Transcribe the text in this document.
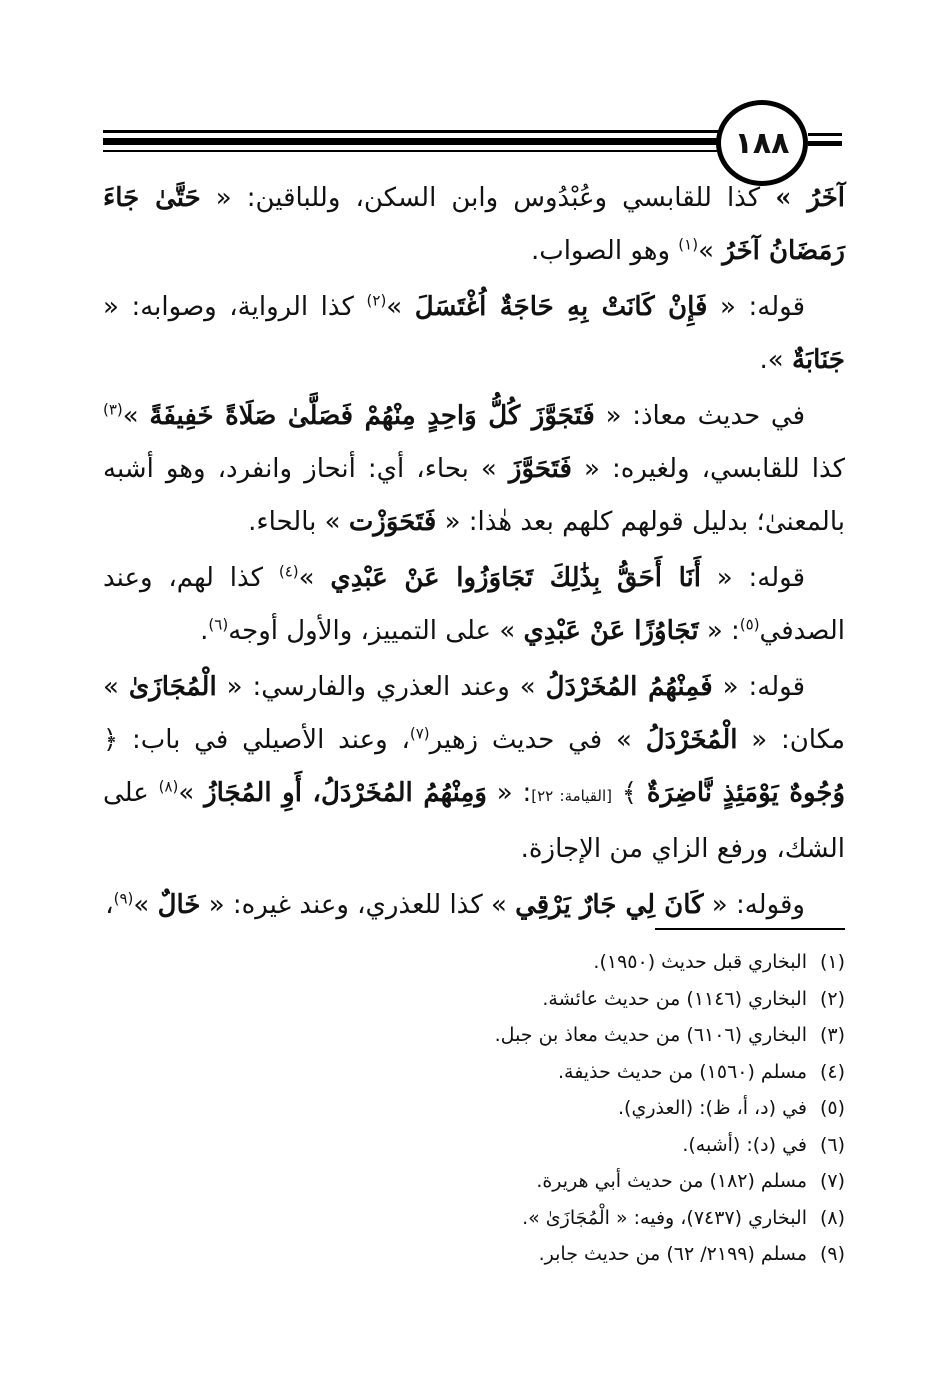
١٨٨

آخَرُ » كذا للقابسي وعُبْدُوس وابن السكن، وللباقين: « حَتَّىٰ جَاءَ رَمَضَانُ آخَرُ »$^{(١)}$ وهو الصواب.

قوله: « فَإِنْ كَانَتْ بِهِ حَاجَةٌ اُغْتَسَلَ »$^{(٢)}$ كذا الرواية، وصوابه: « جَنَابَةٌ ».

في حديث معاذ: « فَتَجَوَّزَ كُلُّ وَاحِدٍ مِنْهُمْ فَصَلَّىٰ صَلَاةً خَفِيفَةً »$^{(٣)}$ كذا للقابسي، ولغيره: « فَتَحَوَّزَ » بحاء، أي: أنحاز وانفرد، وهو أشبه بالمعنىٰ؛ بدليل قولهم كلهم بعد هٰذا: « فَتَحَوَزْت » بالحاء.

قوله: « أَنَا أَحَقُّ بِذَٰلِكَ تَجَاوَزُوا عَنْ عَبْدِي »$^{(٤)}$ كذا لهم، وعند الصدفي$^{(٥)}$: « تَجَاوُزًا عَنْ عَبْدِي » على التمييز، والأول أوجه$^{(٦)}$.

قوله: « فَمِنْهُمُ المُخَرْدَلُ » وعند العذري والفارسي: « الْمُجَازَىٰ » مكان: « الْمُخَرْدَلُ » في حديث زهير$^{(٧)}$، وعند الأصيلي في باب: ﴿ وُجُوهٌ يَوْمَئِذٍ نَّاضِرَةٌ ﴾ [القيامة: ٢٢]: « وَمِنْهُمُ المُخَرْدَلُ، أَوِ المُجَازُ »$^{(٨)}$ على الشك، ورفع الزاي من الإجازة.

وقوله: « كَانَ لِي جَارٌ يَرْقِي » كذا للعذري، وعند غيره: « خَالٌ »$^{(٩)}$،

(١)
البخاري قبل حديث (١٩٥٠).
(٢)
البخاري (١١٤٦) من حديث عائشة.
(٣)
البخاري (٦١٠٦) من حديث معاذ بن جبل.
(٤)
مسلم (١٥٦٠) من حديث حذيفة.
(٥)
في (د، أ، ظ): (العذري).
(٦)
في (د): (أشبه).
(٧)
مسلم (١٨٢) من حديث أبي هريرة.
(٨)
البخاري (٧٤٣٧)، وفيه: « الْمُجَازَىٰ ».
(٩)
مسلم (٢١٩٩/ ٦٢) من حديث جابر.
